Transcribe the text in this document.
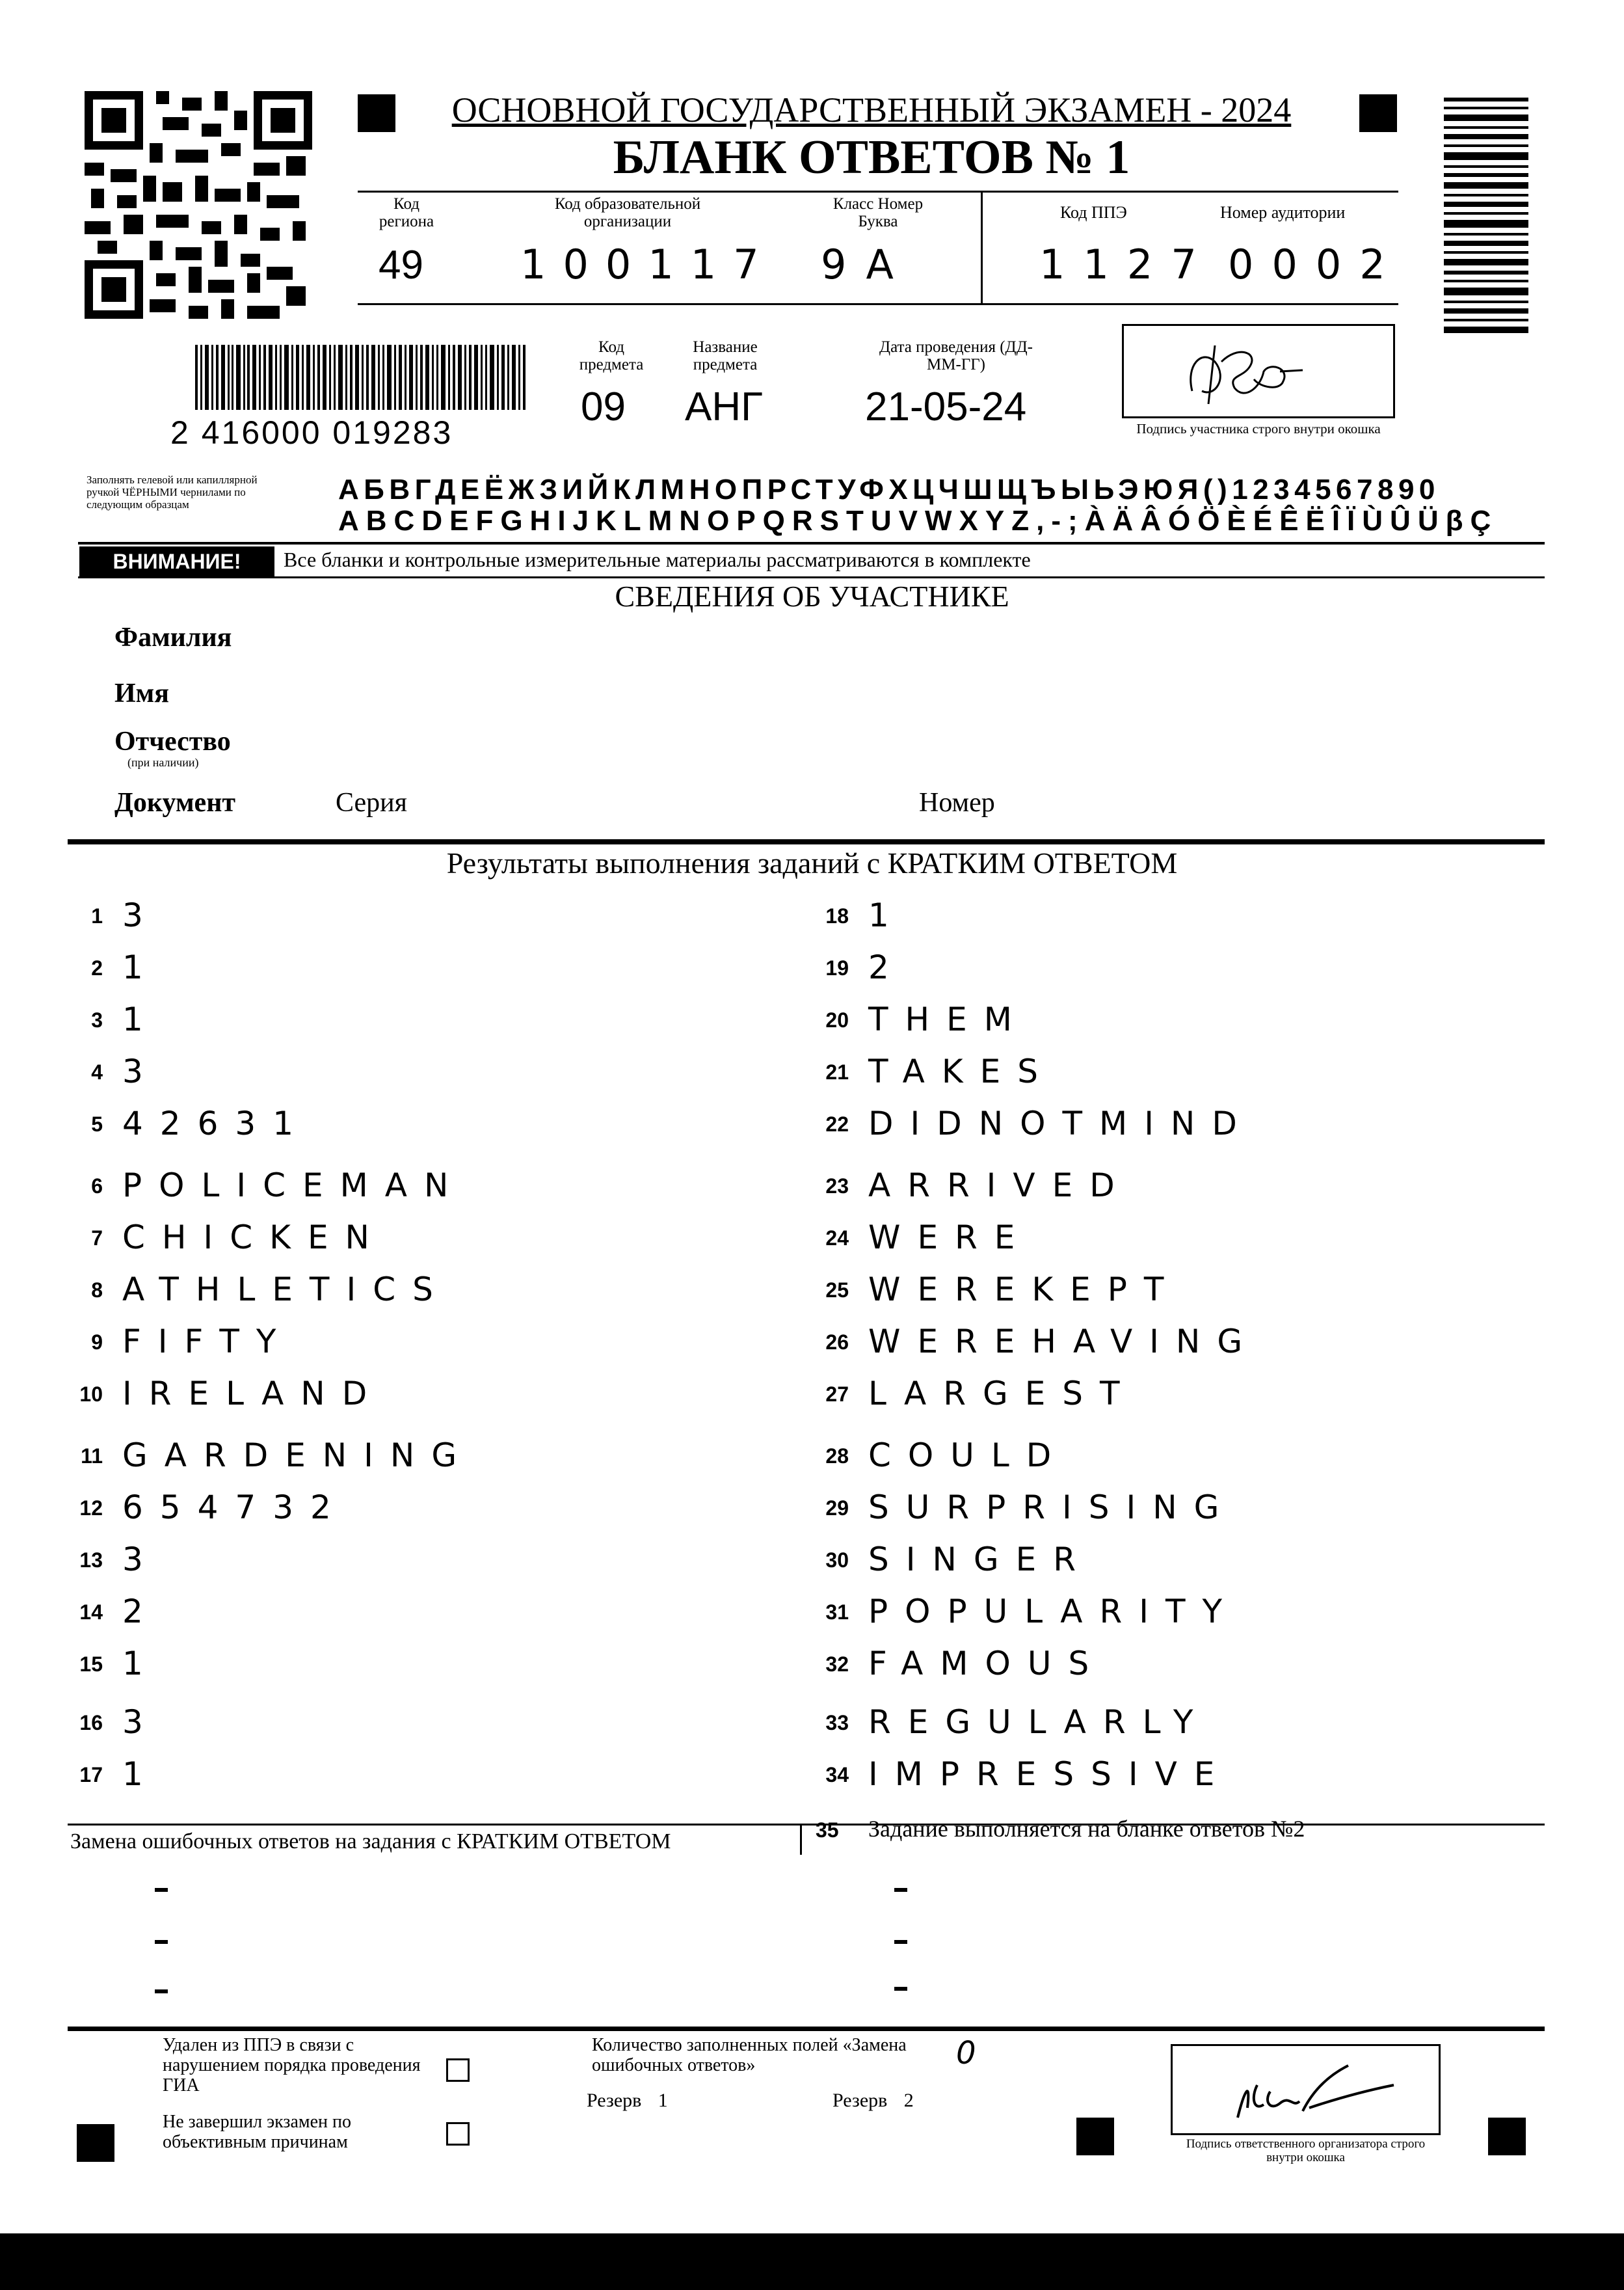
ОСНОВНОЙ ГОСУДАРСТВЕННЫЙ ЭКЗАМЕН - 2024
БЛАНК ОТВЕТОВ № 1
Код региона
49
Код образовательной организации
100117
Класс Номер Буква
9А
Код ППЭ
1127
Номер аудитории
0002
2 416000 019283
Код предмета
09
Название предмета
АНГ
Дата проведения (ДД-ММ-ГГ)
21-05-24	Подпись участника строго внутри окошка
Заполнять гелевой или капиллярной ручкой ЧЁРНЫМИ чернилами по следующим образцам	АБВГДЕЁЖЗИЙКЛМНОПРСТУФХЦЧШЩЪЫЬЭЮЯ()1234567890
ABCDEFGHIJKLMNOPQRSTUVWXYZ,-;ÀÄÂÓÖÈÉÊËÎÏÙÛÜβÇ
ВНИМАНИЕ!	Все бланки и контрольные измерительные материалы рассматриваются в комплекте
СВЕДЕНИЯ ОБ УЧАСТНИКЕ
Фамилия
Имя
Отчество
(при наличии)
Документ	Серия	Номер
Результаты выполнения заданий с КРАТКИМ ОТВЕТОМ
1 3
2 1
3 1
4 3
5 42631
6 POLICEMAN
7 CHICKEN
8 ATHLETICS
9 FIFTY
10 IRELAND
11 GARDENING
12 654732
13 3
14 2
15 1
16 3
17 1
18 1
19 2
20 THEM
21 TAKES
22 DIDNOTMIND
23 ARRIVED
24 WERE
25 WEREKEPT
26 WEREHAVING
27 LARGEST
28 COULD
29 SURPRISING
30 SINGER
31 POPULARITY
32 FAMOUS
33 REGULARLY
34 IMPRESSIVE
Замена ошибочных ответов на задания с КРАТКИМ ОТВЕТОМ	35 Задание выполняется на бланке ответов №2
Удален из ППЭ в связи с нарушением порядка проведения ГИА
Не завершил экзамен по объективным причинам
Количество заполненных полей «Замена ошибочных ответов»	0
Резерв 1	Резерв 2
Подпись ответственного организатора строго внутри окошка
